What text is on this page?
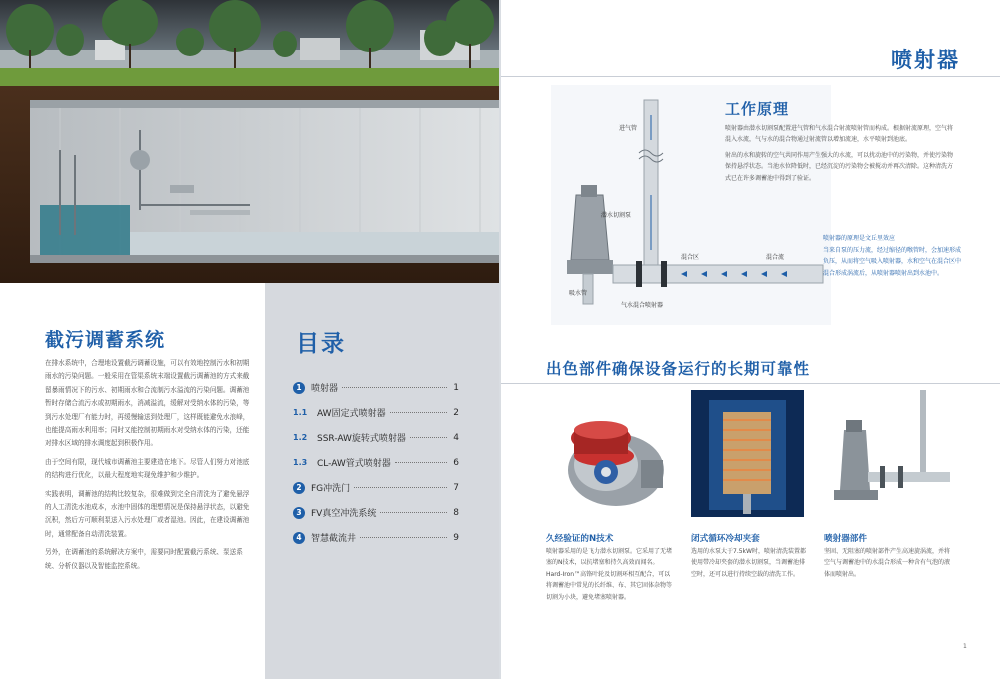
截污调蓄系统

在排水系统中，合理地设置截污调蓄设施，可以有效地控制污水和初期雨水的污染问题。一般采用在管渠系统末端设置截污调蓄池的方式来截留暴雨情况下的污水、初期雨水和合流制污水溢流的污染问题。调蓄池暂时存储合流污水或初期雨水，消减溢流，缓解对受纳水体的污染，等到污水处理厂有能力时，再缓慢输送到处理厂，这样既能避免水浪峰，也能提高雨水利用率；同时又能控制初期雨水对受纳水体的污染，还能对排水区域的排水调度起到积极作用。

由于空间有限，现代城市调蓄池主要建造在地下。尽管人们努力对池底的结构进行优化，以最大程度地实现免维护和少维护。

实践表明，调蓄池的结构比较复杂，很难做到完全自清洗为了避免悬浮的人工清洗水池成本，水池中固体的理想情况是保持悬浮状态，以避免沉积，然后方可顺利泵送入污水处理厂或者湿池。因此，在建设调蓄池时，通常配备自动清洗装置。

另外，在调蓄池的系统解决方案中，需要同时配置截污系统、泵送系统、分析仪器以及智能监控系统。

目录
1	喷射器	1
1.1	AW固定式喷射器	2
1.2	SSR-AW旋转式喷射器	4
1.3	CL-AW管式喷射器	6
2	FG冲洗门	7
3	FV真空冲洗系统	8
4	智慧截流井	9
喷射器
进气管
潜水切割泵
混合区	混合流
吸水管
气水混合喷射器
工作原理

喷射器由潜水切割泵配置进气管和气水混合射流喷射管而构成。根据射流原理，空气将混入水流，气与水的混合物通过射流管以增加流速，水平喷射到池底。

射出的水和旋转的空气共同作用产生强大的水流，可以扰动池中的污染物，并使污染物保持悬浮状态。当池水位降低时，已经沉淀的污染物会被搅动并再次清除。这种清洗方式已在许多调蓄池中得到了验证。

喷射器的原理是文丘里效应
当来自泵的压力流，经过缩径的喉管时，会加速形成负压，从而将空气吸入喷射器，水和空气在混合区中混合形成涡流后，从喷射器喷射出到水池中。
出色部件确保设备运行的长期可靠性
久经验证的N技术
喷射器采用的是飞力潜水切割泵。它采用了无堵塞的N技术，以抗堵塞和持久高效而闻名。
Hard-Iron™高铬叶轮及切割环相互配合，可以将调蓄池中常见的长纤维、布、其它固体杂物等切割为小块，避免堵塞喷射器。
闭式循环冷却夹套
选用的水泵大于7.5kW时，喷射清洗装置都使用带冷却夹套的潜水切割泵，当调蓄池排空时，还可以进行持续空载的清洗工作。
喷射器部件
坚固、无阻塞的喷射部件产生高速旋涡流，并将空气与调蓄池中的水混合形成一种含有气泡的液体而喷射出。
1
